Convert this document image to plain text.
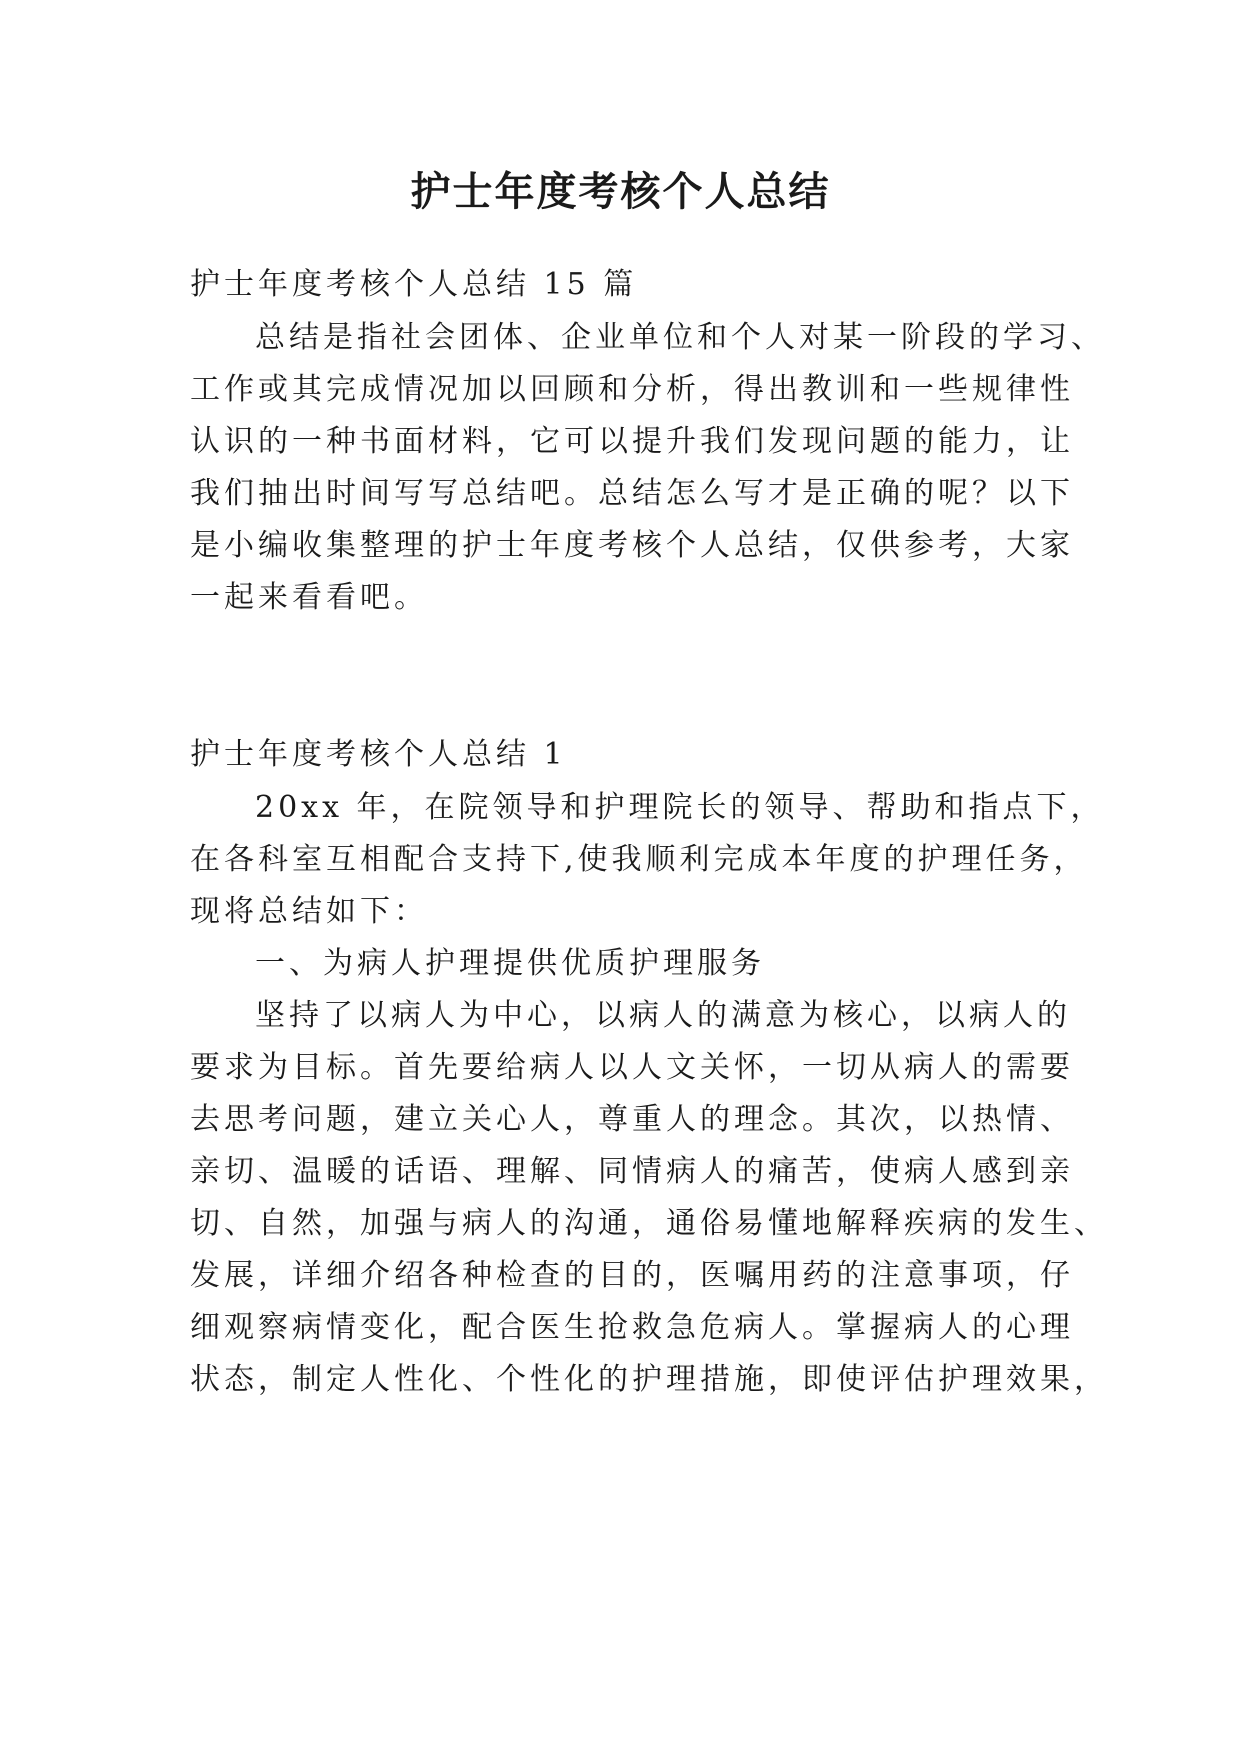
护士年度考核个人总结
护士年度考核个人总结 15 篇
总结是指社会团体、企业单位和个人对某一阶段的学习、
工作或其完成情况加以回顾和分析，得出教训和一些规律性
认识的一种书面材料，它可以提升我们发现问题的能力，让
我们抽出时间写写总结吧。总结怎么写才是正确的呢？以下
是小编收集整理的护士年度考核个人总结，仅供参考，大家
一起来看看吧。
护士年度考核个人总结 1
20xx 年，在院领导和护理院长的领导、帮助和指点下，
在各科室互相配合支持下,使我顺利完成本年度的护理任务，
现将总结如下：
一、为病人护理提供优质护理服务
坚持了以病人为中心，以病人的满意为核心，以病人的
要求为目标。首先要给病人以人文关怀，一切从病人的需要
去思考问题，建立关心人，尊重人的理念。其次，以热情、
亲切、温暖的话语、理解、同情病人的痛苦，使病人感到亲
切、自然，加强与病人的沟通，通俗易懂地解释疾病的发生、
发展，详细介绍各种检查的目的，医嘱用药的注意事项，仔
细观察病情变化，配合医生抢救急危病人。掌握病人的心理
状态，制定人性化、个性化的护理措施，即使评估护理效果，
